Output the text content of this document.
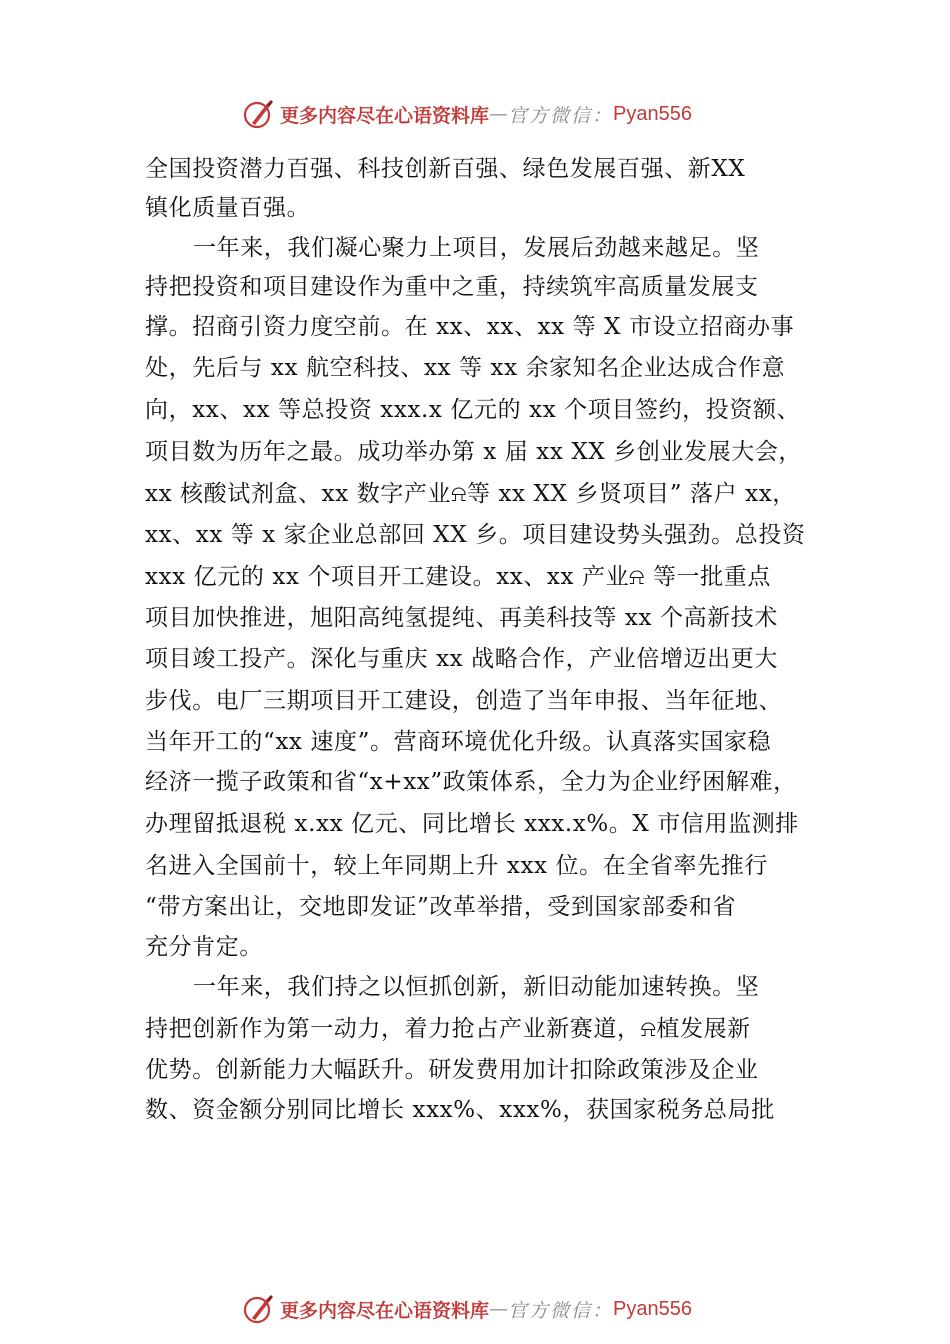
更多内容尽在心语资料库 — 官方微信： Pyan556
全国投资潜力百强、科技创新百强、绿色发展百强、新XX
镇化质量百强。
一年来，我们凝心聚力上项目，发展后劲越来越足。坚
持把投资和项目建设作为重中之重，持续筑牢高质量发展支
撑。招商引资力度空前。在 xx、xx、xx 等 X 市设立招商办事
处，先后与 xx 航空科技、xx 等 xx 余家知名企业达成合作意
向，xx、xx 等总投资 xxx.x 亿元的 xx 个项目签约，投资额、
项目数为历年之最。成功举办第 x 届 xx XX 乡创业发展大会，
xx 核酸试剂盒、xx 数字产业⍾等 xx XX 乡贤项目” 落户 xx，
xx、xx 等 x 家企业总部回 XX 乡。项目建设势头强劲。总投资
xxx 亿元的 xx 个项目开工建设。xx、xx 产业⍾ 等一批重点
项目加快推进，旭阳高纯氢提纯、再美科技等 xx 个高新技术
项目竣工投产。深化与重庆 xx 战略合作，产业倍增迈出更大
步伐。电厂三期项目开工建设，创造了当年申报、当年征地、
当年开工的“xx 速度”。营商环境优化升级。认真落实国家稳
经济一揽子政策和省“x+xx”政策体系，全力为企业纾困解难，
办理留抵退税 x.xx 亿元、同比增长 xxx.x%。X 市信用监测排
名进入全国前十，较上年同期上升 xxx 位。在全省率先推行
“带方案出让，交地即发证”改革举措，受到国家部委和省
充分肯定。
一年来，我们持之以恒抓创新，新旧动能加速转换。坚
持把创新作为第一动力，着力抢占产业新赛道，⍾植发展新
优势。创新能力大幅跃升。研发费用加计扣除政策涉及企业
数、资金额分别同比增长 xxx%、xxx%，获国家税务总局批
更多内容尽在心语资料库 — 官方微信： Pyan556
